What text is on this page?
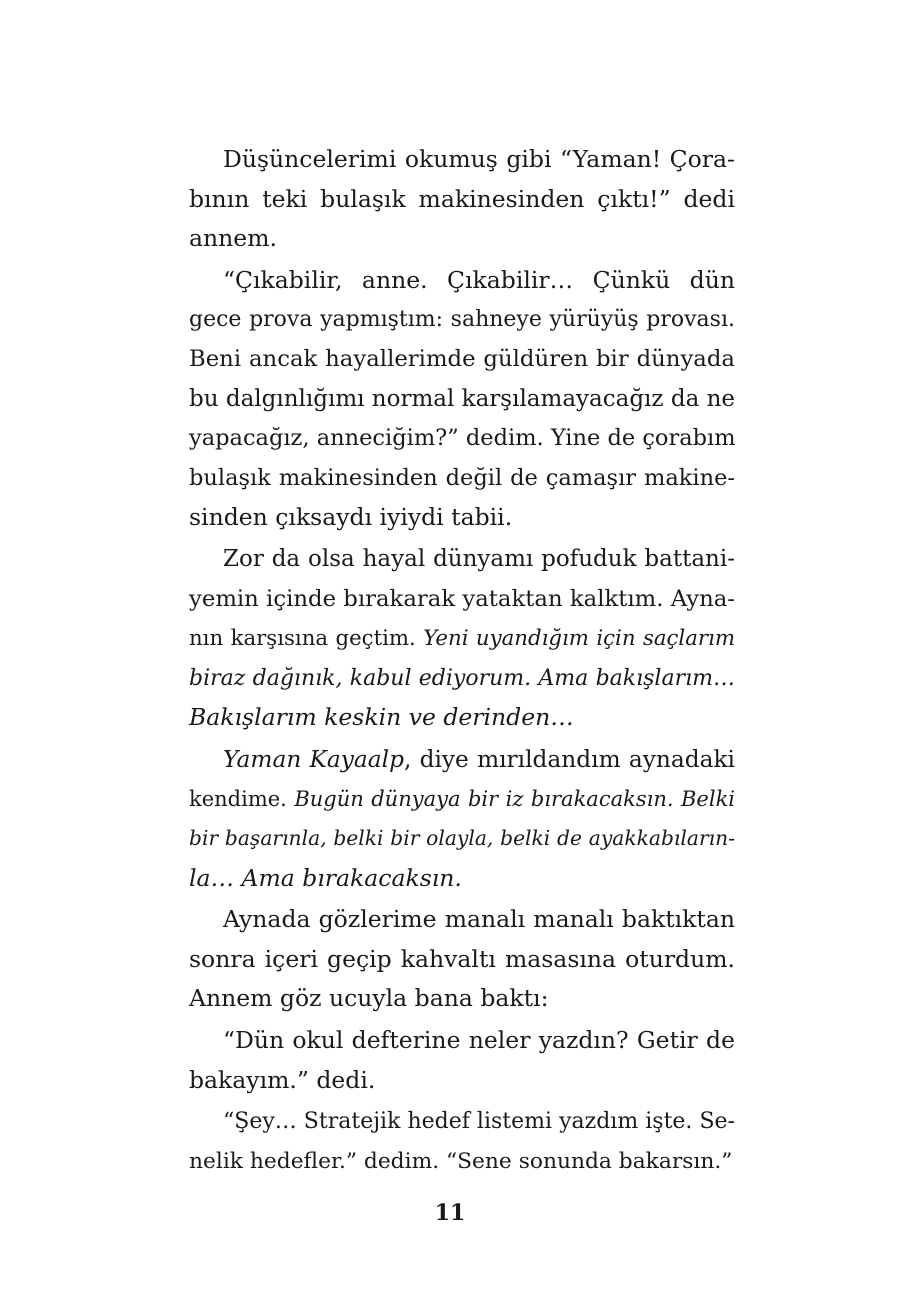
Düşüncelerimi okumuş gibi “Yaman! Çora-
bının teki bulaşık makinesinden çıktı!” dedi
annem.
“Çıkabilir, anne. Çıkabilir… Çünkü dün
gece prova yapmıştım: sahneye yürüyüş provası.
Beni ancak hayallerimde güldüren bir dünyada
bu dalgınlığımı normal karşılamayacağız da ne
yapacağız, anneciğim?” dedim. Yine de çorabım
bulaşık makinesinden değil de çamaşır makine-
sinden çıksaydı iyiydi tabii.
Zor da olsa hayal dünyamı pofuduk battani-
yemin içinde bırakarak yataktan kalktım. Ayna-
nın karşısına geçtim. Yeni uyandığım için saçlarım
biraz dağınık, kabul ediyorum. Ama bakışlarım…
Bakışlarım keskin ve derinden…
Yaman Kayaalp, diye mırıldandım aynadaki
kendime. Bugün dünyaya bir iz bırakacaksın. Belki
bir başarınla, belki bir olayla, belki de ayakkabıların-
la… Ama bırakacaksın.
Aynada gözlerime manalı manalı baktıktan
sonra içeri geçip kahvaltı masasına oturdum.
Annem göz ucuyla bana baktı:
“Dün okul defterine neler yazdın? Getir de
bakayım.” dedi.
“Şey… Stratejik hedef listemi yazdım işte. Se-
nelik hedefler.” dedim. “Sene sonunda bakarsın.”
11
